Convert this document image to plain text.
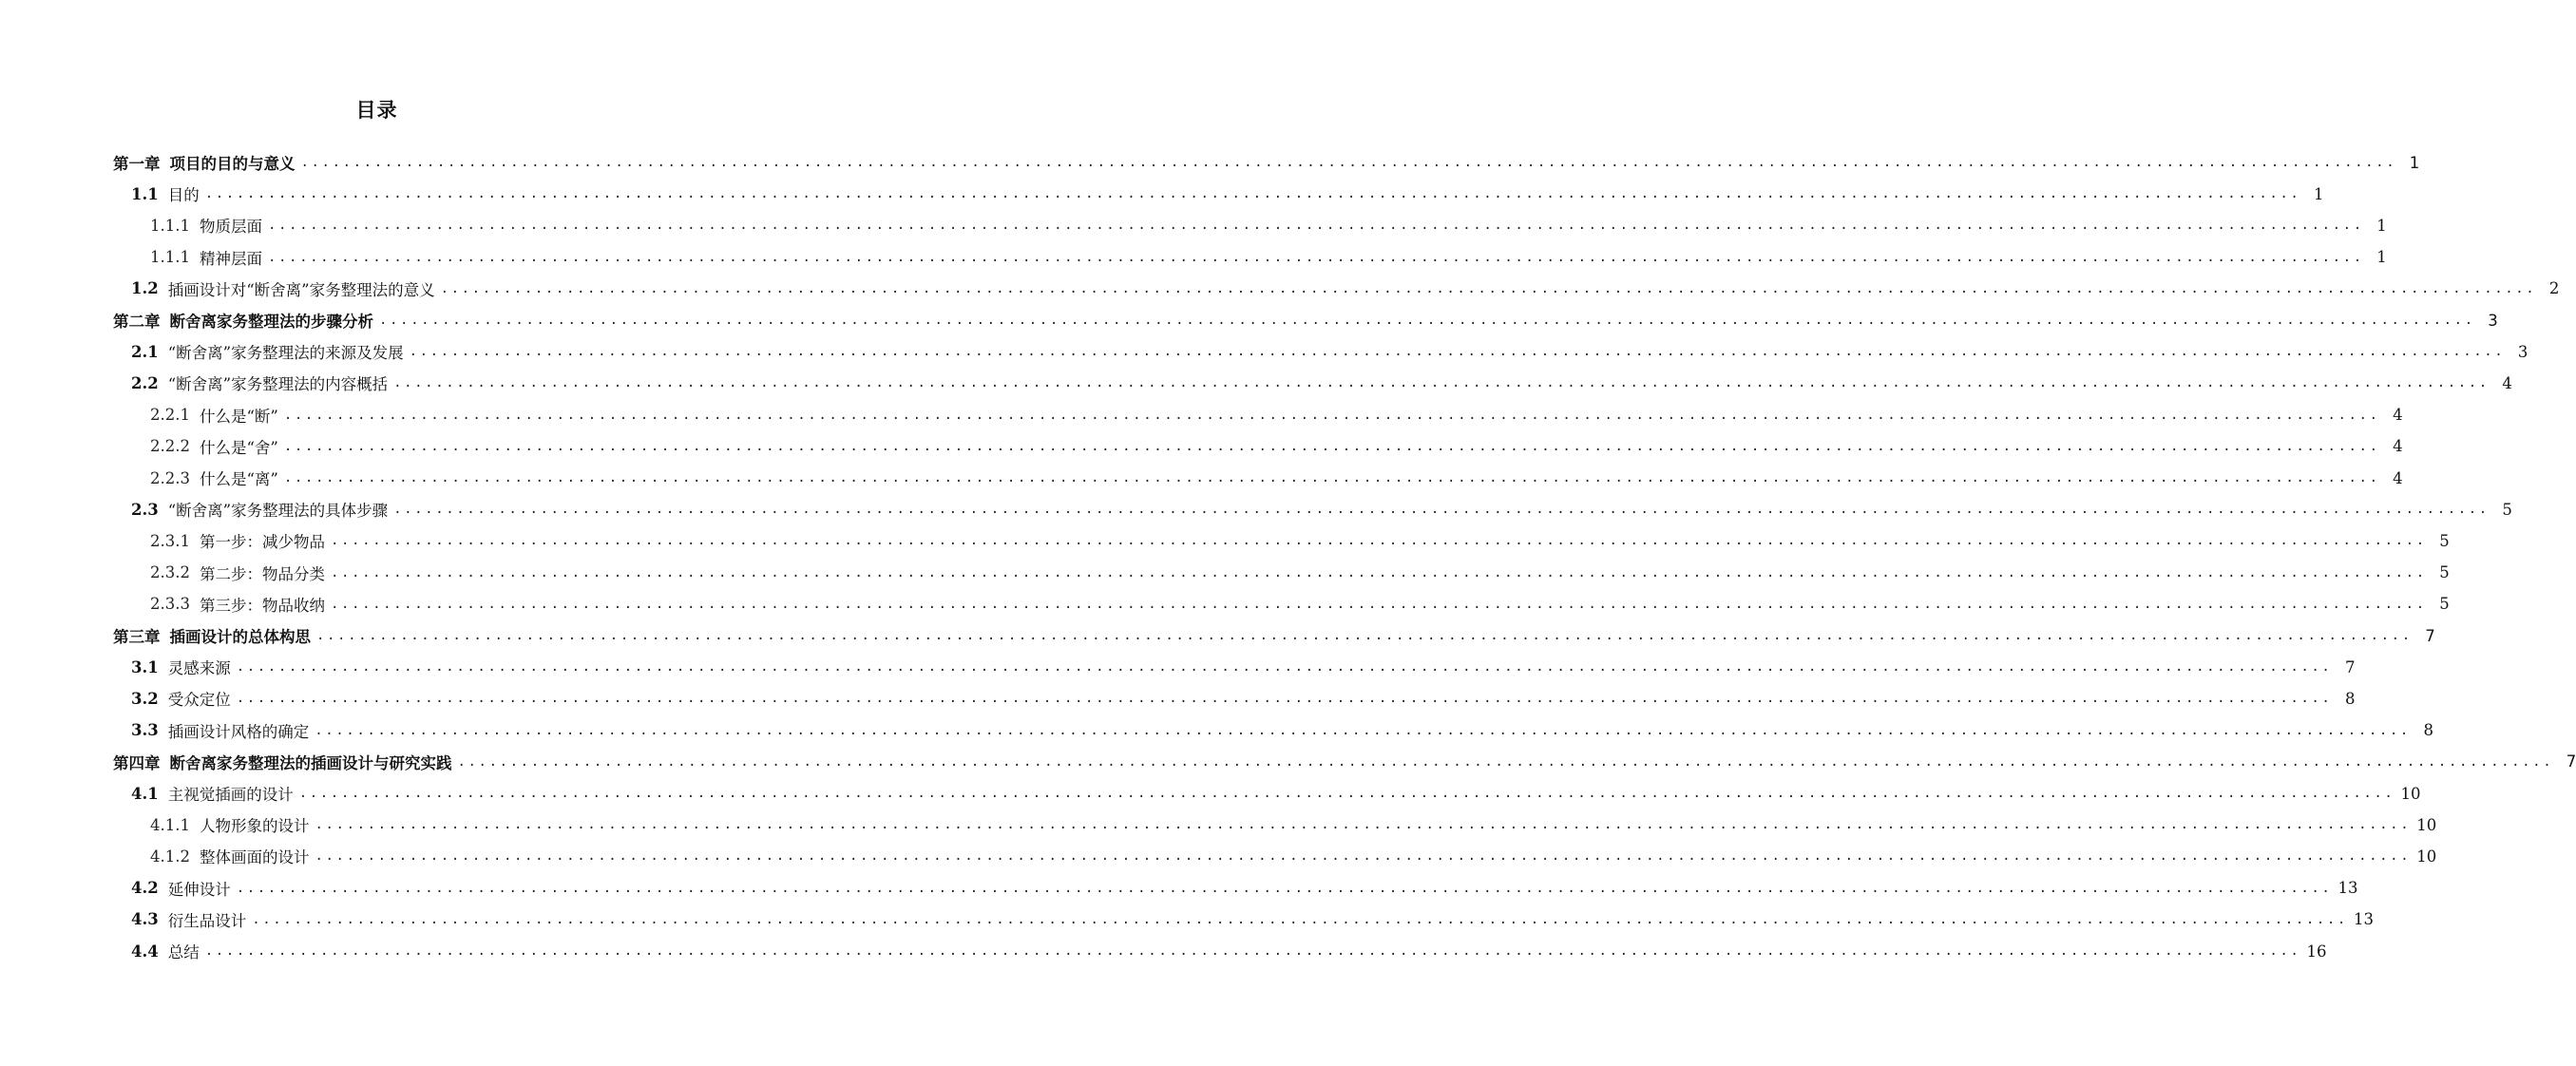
目录
第一章 项目的目的与意义 ........................................................................................................................................................................................................ 1
1.1 目的 ........................................................................................................................................................................................................ 1
1.1.1 物质层面 ........................................................................................................................................................................................................ 1
1.1.1 精神层面 ........................................................................................................................................................................................................ 1
1.2 插画设计对“断舍离”家务整理法的意义 ........................................................................................................................................................................................................ 2
第二章 断舍离家务整理法的步骤分析 ........................................................................................................................................................................................................ 3
2.1 “断舍离”家务整理法的来源及发展 ........................................................................................................................................................................................................ 3
2.2 “断舍离”家务整理法的内容概括 ........................................................................................................................................................................................................ 4
2.2.1 什么是“断” ........................................................................................................................................................................................................ 4
2.2.2 什么是“舍” ........................................................................................................................................................................................................ 4
2.2.3 什么是“离” ........................................................................................................................................................................................................ 4
2.3 “断舍离”家务整理法的具体步骤 ........................................................................................................................................................................................................ 5
2.3.1 第一步：减少物品 ........................................................................................................................................................................................................ 5
2.3.2 第二步：物品分类 ........................................................................................................................................................................................................ 5
2.3.3 第三步：物品收纳 ........................................................................................................................................................................................................ 5
第三章 插画设计的总体构思 ........................................................................................................................................................................................................ 7
3.1 灵感来源 ........................................................................................................................................................................................................ 7
3.2 受众定位 ........................................................................................................................................................................................................ 8
3.3 插画设计风格的确定 ........................................................................................................................................................................................................ 8
第四章 断舍离家务整理法的插画设计与研究实践 ........................................................................................................................................................................................................ 7
4.1 主视觉插画的设计 ........................................................................................................................................................................................................ 10
4.1.1 人物形象的设计 ........................................................................................................................................................................................................ 10
4.1.2 整体画面的设计 ........................................................................................................................................................................................................ 10
4.2 延伸设计 ........................................................................................................................................................................................................ 13
4.3 衍生品设计 ........................................................................................................................................................................................................ 13
4.4 总结 ........................................................................................................................................................................................................ 16
